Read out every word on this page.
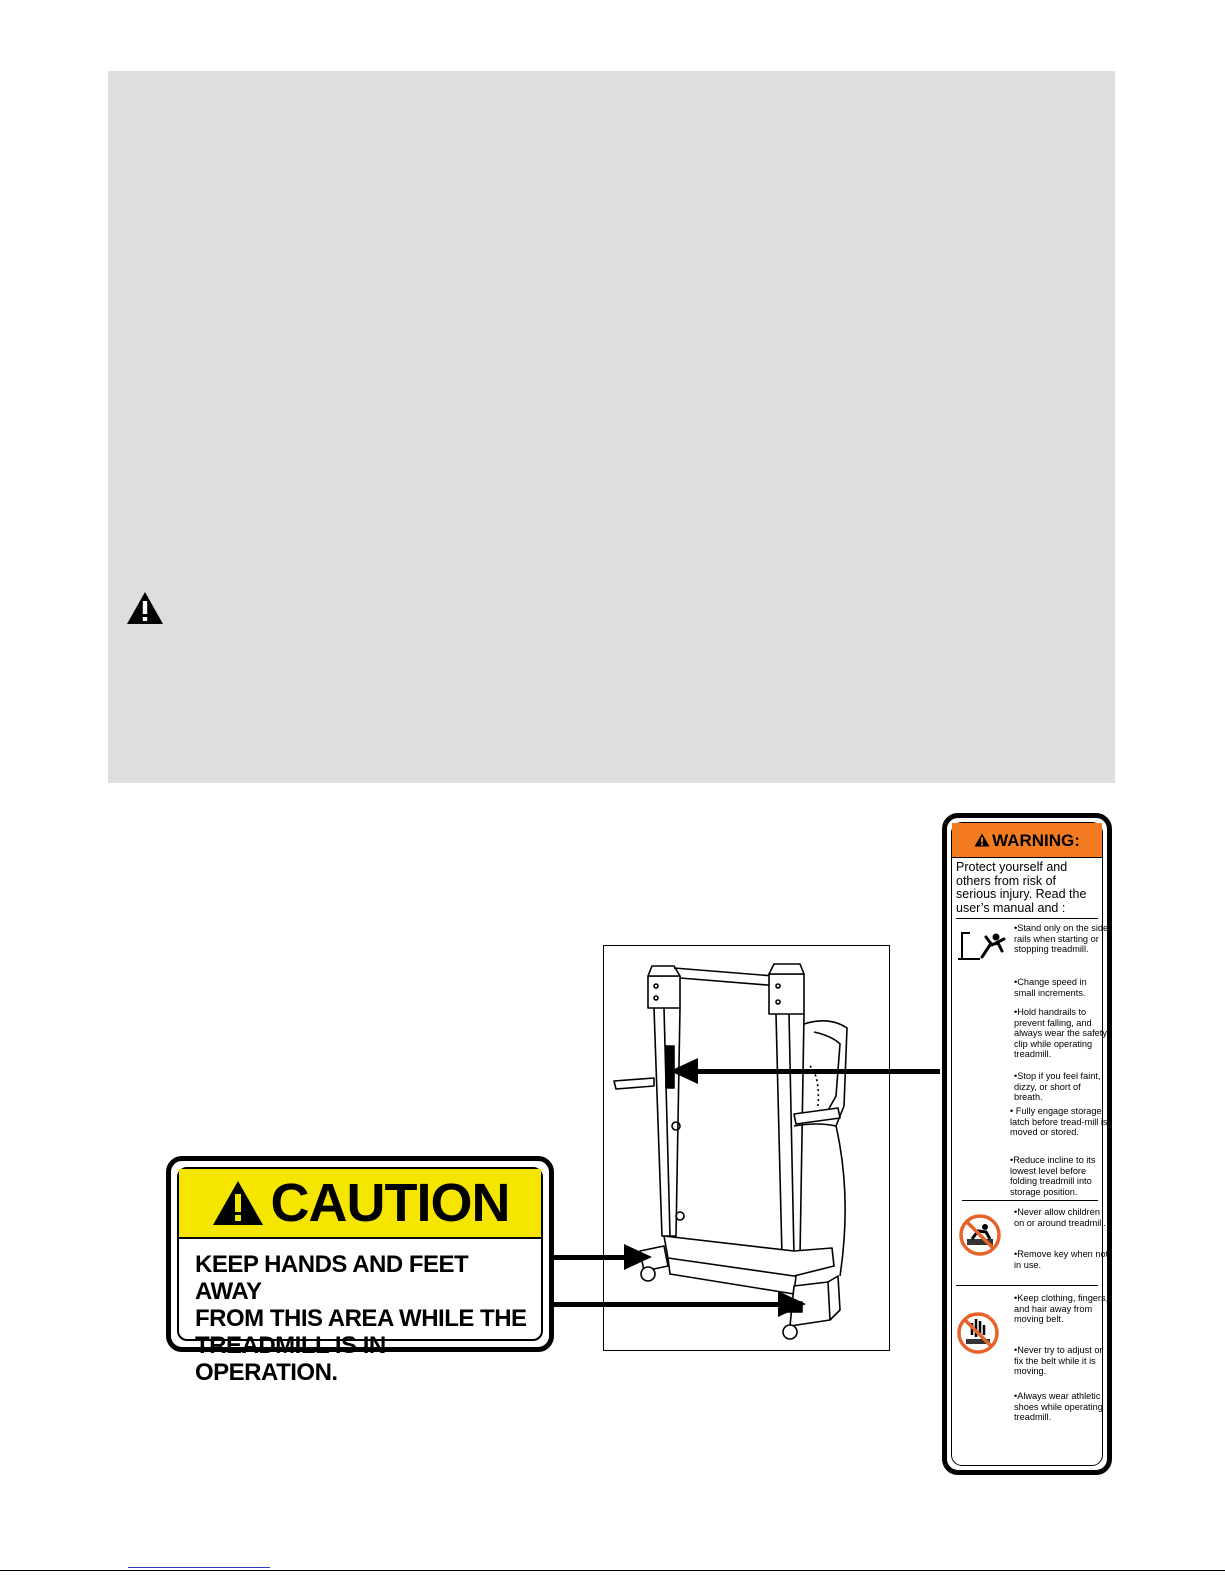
CAUTION
KEEP HANDS AND FEET AWAY
FROM THIS AREA WHILE THE
TREADMILL IS IN OPERATION.
WARNING:
Protect yourself and others from risk of serious injury. Read the user’s manual and :
•Stand only on the side rails when starting or stopping treadmill.
•Change speed in small increments.
•Hold handrails to prevent falling, and always wear the safety clip while operating treadmill.
•Stop if you feel faint, dizzy, or short of breath.
• Fully engage storage latch before tread-mill is moved or stored.
•Reduce incline to its lowest level before folding treadmill into storage position.
•Never allow children on or around treadmill.
•Remove key when not in use.
•Keep clothing, fingers, and hair away from moving belt.
•Never try to adjust or fix the belt while it is moving.
•Always wear athletic shoes while operating treadmill.
